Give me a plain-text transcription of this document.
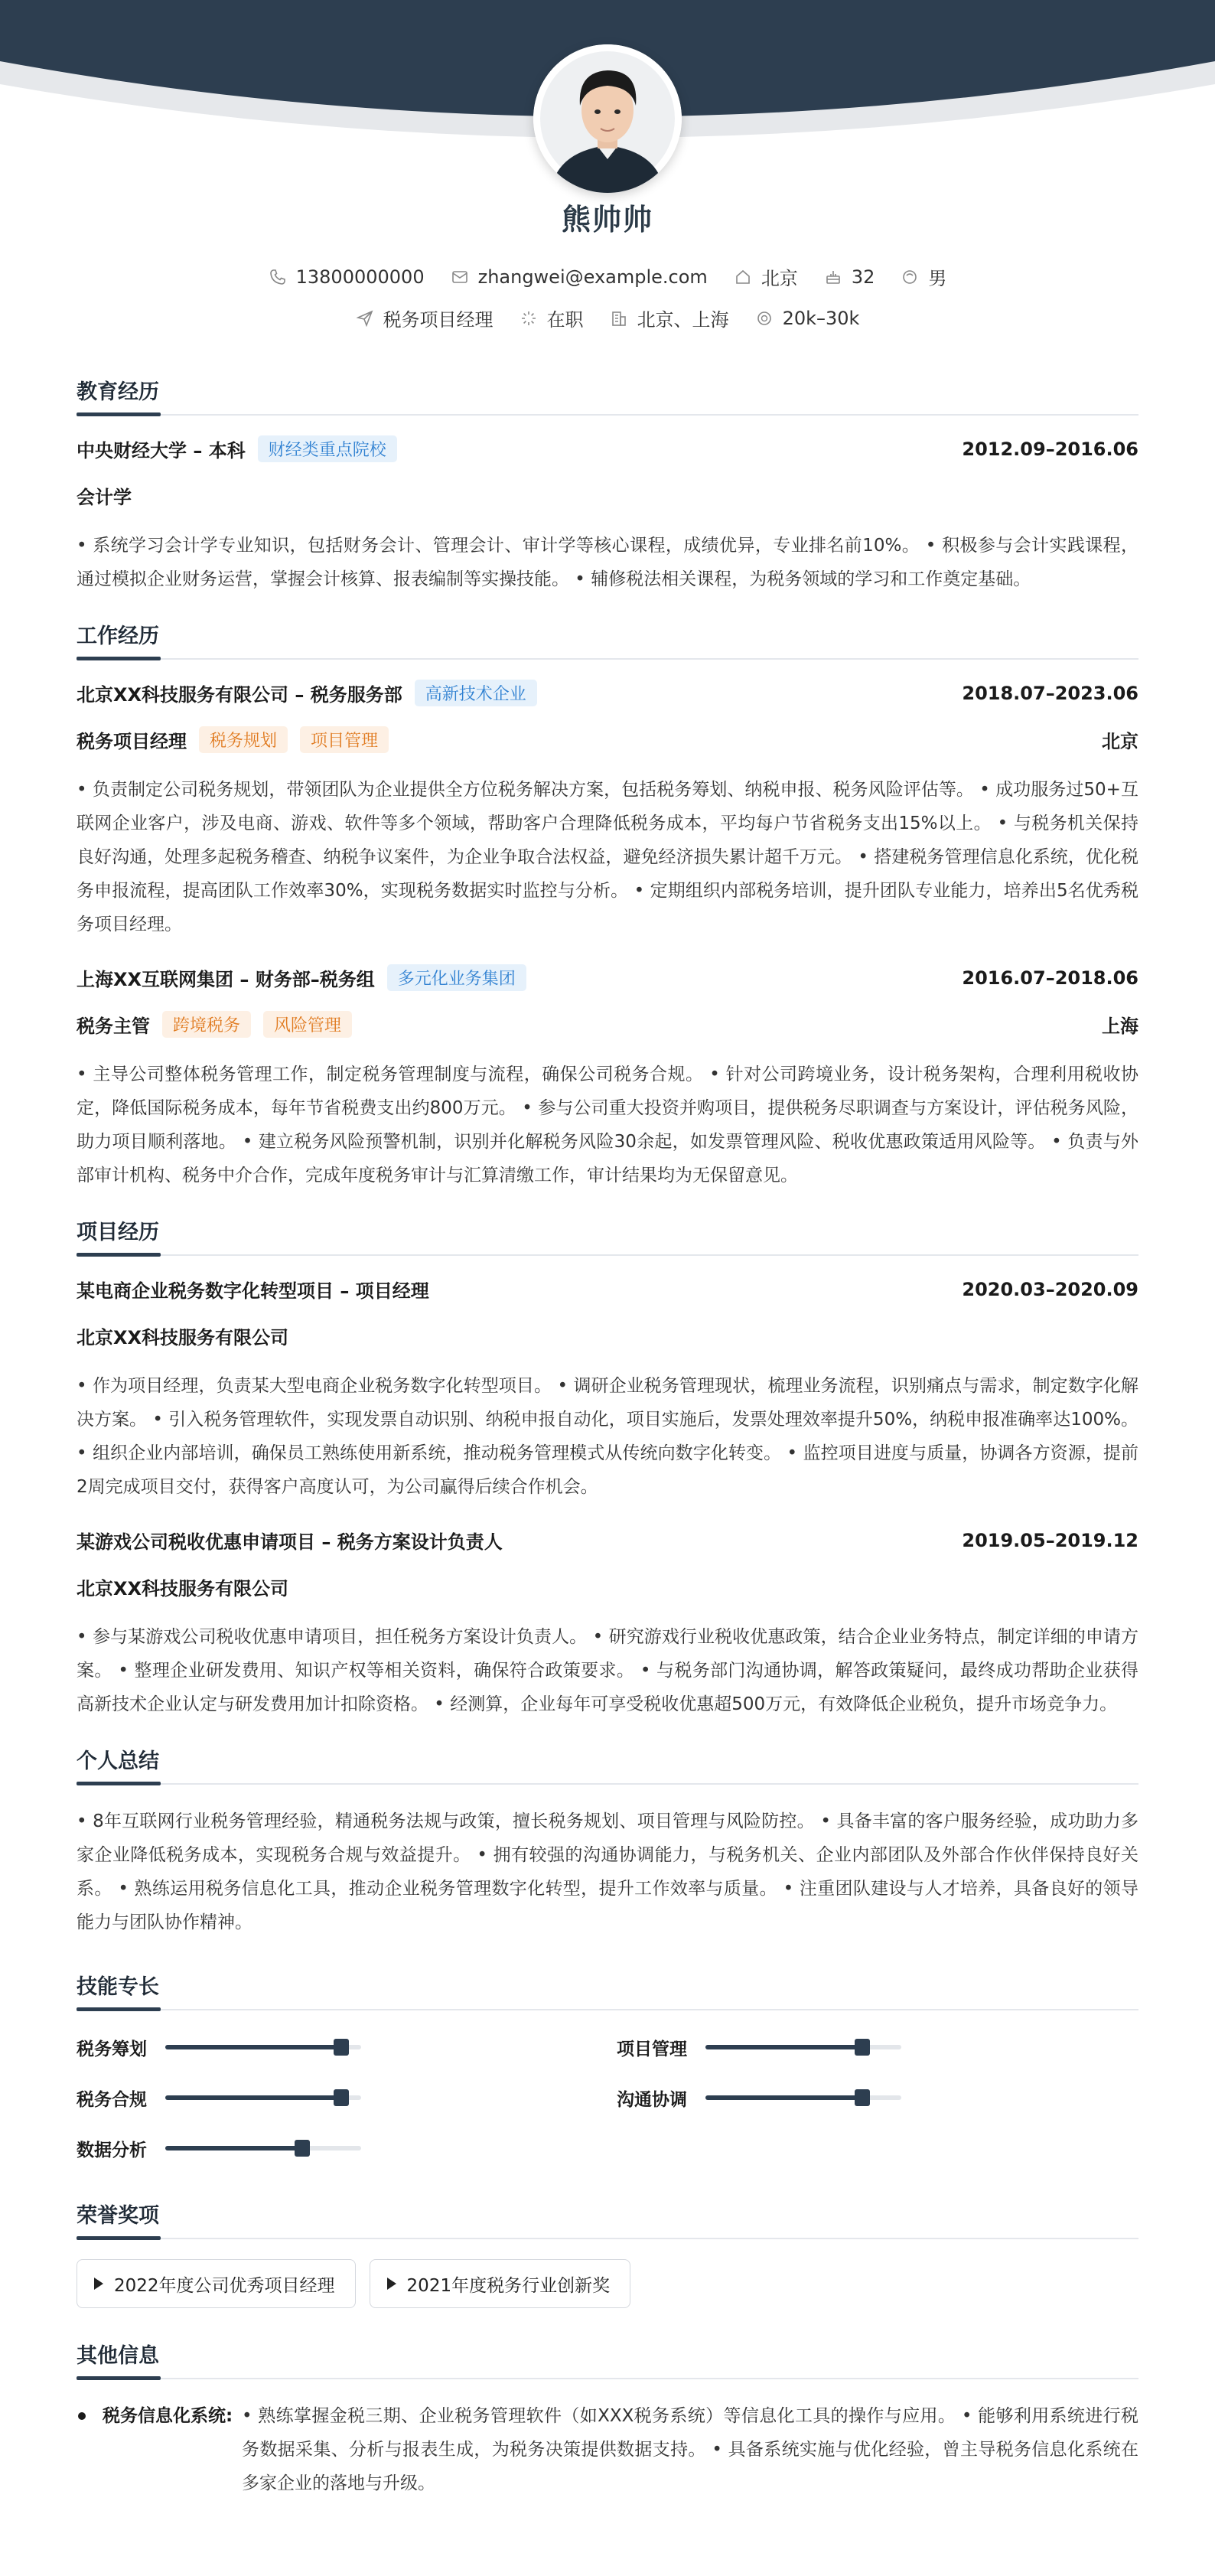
熊帅帅
13800000000	zhangwei@example.com	北京	32	男
税务项目经理	在职	北京、上海	20k–30k
教育经历
中央财经大学 – 本科	财经类重点院校	2012.09–2016.06
会计学
• 系统学习会计学专业知识，包括财务会计、管理会计、审计学等核心课程，成绩优异，专业排名前10%。 • 积极参与会计实践课程，通过模拟企业财务运营，掌握会计核算、报表编制等实操技能。 • 辅修税法相关课程，为税务领域的学习和工作奠定基础。
工作经历
北京XX科技服务有限公司 – 税务服务部	高新技术企业	2018.07–2023.06
税务项目经理	税务规划	项目管理	北京
• 负责制定公司税务规划，带领团队为企业提供全方位税务解决方案，包括税务筹划、纳税申报、税务风险评估等。 • 成功服务过50+互联网企业客户，涉及电商、游戏、软件等多个领域，帮助客户合理降低税务成本，平均每户节省税务支出15%以上。 • 与税务机关保持良好沟通，处理多起税务稽查、纳税争议案件，为企业争取合法权益，避免经济损失累计超千万元。 • 搭建税务管理信息化系统，优化税务申报流程，提高团队工作效率30%，实现税务数据实时监控与分析。 • 定期组织内部税务培训，提升团队专业能力，培养出5名优秀税务项目经理。
上海XX互联网集团 – 财务部–税务组	多元化业务集团	2016.07–2018.06
税务主管	跨境税务	风险管理	上海
• 主导公司整体税务管理工作，制定税务管理制度与流程，确保公司税务合规。 • 针对公司跨境业务，设计税务架构，合理利用税收协定，降低国际税务成本，每年节省税费支出约800万元。 • 参与公司重大投资并购项目，提供税务尽职调查与方案设计，评估税务风险，助力项目顺利落地。 • 建立税务风险预警机制，识别并化解税务风险30余起，如发票管理风险、税收优惠政策适用风险等。 • 负责与外部审计机构、税务中介合作，完成年度税务审计与汇算清缴工作，审计结果均为无保留意见。
项目经历
某电商企业税务数字化转型项目 – 项目经理	2020.03–2020.09
北京XX科技服务有限公司
• 作为项目经理，负责某大型电商企业税务数字化转型项目。 • 调研企业税务管理现状，梳理业务流程，识别痛点与需求，制定数字化解决方案。 • 引入税务管理软件，实现发票自动识别、纳税申报自动化，项目实施后，发票处理效率提升50%，纳税申报准确率达100%。 • 组织企业内部培训，确保员工熟练使用新系统，推动税务管理模式从传统向数字化转变。 • 监控项目进度与质量，协调各方资源，提前2周完成项目交付，获得客户高度认可，为公司赢得后续合作机会。
某游戏公司税收优惠申请项目 – 税务方案设计负责人	2019.05–2019.12
北京XX科技服务有限公司
• 参与某游戏公司税收优惠申请项目，担任税务方案设计负责人。 • 研究游戏行业税收优惠政策，结合企业业务特点，制定详细的申请方案。 • 整理企业研发费用、知识产权等相关资料，确保符合政策要求。 • 与税务部门沟通协调，解答政策疑问，最终成功帮助企业获得高新技术企业认定与研发费用加计扣除资格。 • 经测算，企业每年可享受税收优惠超500万元，有效降低企业税负，提升市场竞争力。
个人总结
• 8年互联网行业税务管理经验，精通税务法规与政策，擅长税务规划、项目管理与风险防控。 • 具备丰富的客户服务经验，成功助力多家企业降低税务成本，实现税务合规与效益提升。 • 拥有较强的沟通协调能力，与税务机关、企业内部团队及外部合作伙伴保持良好关系。 • 熟练运用税务信息化工具，推动企业税务管理数字化转型，提升工作效率与质量。 • 注重团队建设与人才培养，具备良好的领导能力与团队协作精神。
技能专长
税务筹划	项目管理
税务合规	沟通协调
数据分析
荣誉奖项
2022年度公司优秀项目经理	2021年度税务行业创新奖
其他信息
税务信息化系统: • 熟练掌握金税三期、企业税务管理软件（如XXX税务系统）等信息化工具的操作与应用。 • 能够利用系统进行税务数据采集、分析与报表生成，为税务决策提供数据支持。 • 具备系统实施与优化经验，曾主导税务信息化系统在多家企业的落地与升级。
